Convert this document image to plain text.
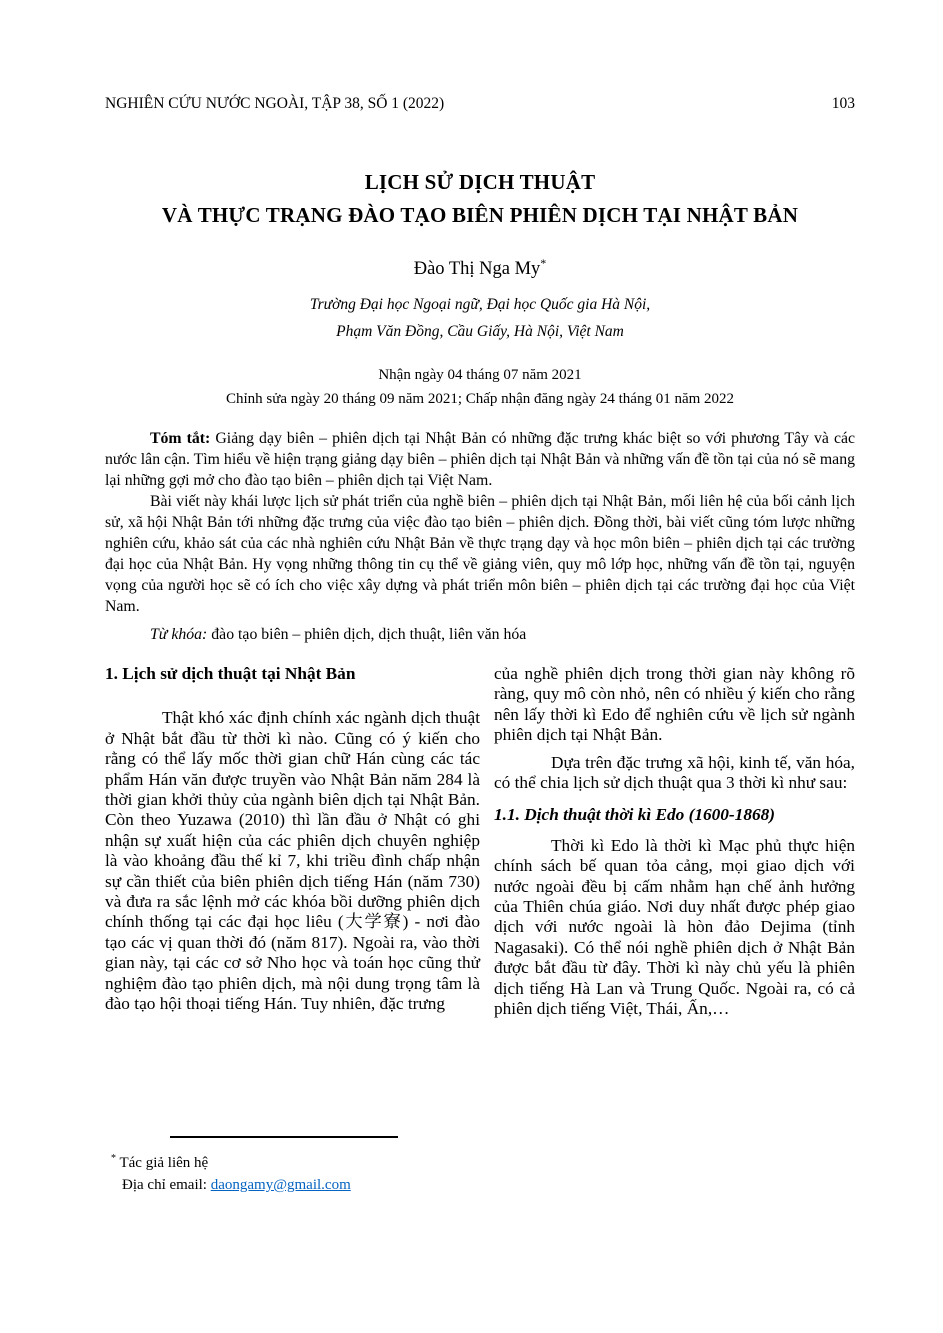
NGHIÊN CỨU NƯỚC NGOÀI, TẬP 38, SỐ 1 (2022)	103
LỊCH SỬ DỊCH THUẬT
VÀ THỰC TRẠNG ĐÀO TẠO BIÊN PHIÊN DỊCH TẠI NHẬT BẢN
Đào Thị Nga My*
Trường Đại học Ngoại ngữ, Đại học Quốc gia Hà Nội,
Phạm Văn Đồng, Cầu Giấy, Hà Nội, Việt Nam
Nhận ngày 04 tháng 07 năm 2021
Chỉnh sửa ngày 20 tháng 09 năm 2021; Chấp nhận đăng ngày 24 tháng 01 năm 2022

Tóm tắt: Giảng dạy biên – phiên dịch tại Nhật Bản có những đặc trưng khác biệt so với phương Tây và các nước lân cận. Tìm hiểu về hiện trạng giảng dạy biên – phiên dịch tại Nhật Bản và những vấn đề tồn tại của nó sẽ mang lại những gợi mở cho đào tạo biên – phiên dịch tại Việt Nam.

Bài viết này khái lược lịch sử phát triển của nghề biên – phiên dịch tại Nhật Bản, mối liên hệ của bối cảnh lịch sử, xã hội Nhật Bản tới những đặc trưng của việc đào tạo biên – phiên dịch. Đồng thời, bài viết cũng tóm lược những nghiên cứu, khảo sát của các nhà nghiên cứu Nhật Bản về thực trạng dạy và học môn biên – phiên dịch tại các trường đại học của Nhật Bản. Hy vọng những thông tin cụ thể về giảng viên, quy mô lớp học, những vấn đề tồn tại, nguyện vọng của người học sẽ có ích cho việc xây dựng và phát triển môn biên – phiên dịch tại các trường đại học của Việt Nam.

Từ khóa: đào tạo biên – phiên dịch, dịch thuật, liên văn hóa

1. Lịch sử dịch thuật tại Nhật Bản

Thật khó xác định chính xác ngành dịch thuật ở Nhật bắt đầu từ thời kì nào. Cũng có ý kiến cho rằng có thể lấy mốc thời gian chữ Hán cùng các tác phẩm Hán văn được truyền vào Nhật Bản năm 284 là thời gian khởi thủy của ngành biên dịch tại Nhật Bản. Còn theo Yuzawa (2010) thì lần đầu ở Nhật có ghi nhận sự xuất hiện của các phiên dịch chuyên nghiệp là vào khoảng đầu thế kỉ 7, khi triều đình chấp nhận sự cần thiết của biên phiên dịch tiếng Hán (năm 730) và đưa ra sắc lệnh mở các khóa bồi dưỡng phiên dịch chính thống tại các đại học liêu (大学寮) - nơi đào tạo các vị quan thời đó (năm 817). Ngoài ra, vào thời gian này, tại các cơ sở Nho học và toán học cũng thử nghiệm đào tạo phiên dịch, mà nội dung trọng tâm là đào tạo hội thoại tiếng Hán. Tuy nhiên, đặc trưng

của nghề phiên dịch trong thời gian này không rõ ràng, quy mô còn nhỏ, nên có nhiều ý kiến cho rằng nên lấy thời kì Edo để nghiên cứu về lịch sử ngành phiên dịch tại Nhật Bản.

Dựa trên đặc trưng xã hội, kinh tế, văn hóa, có thể chia lịch sử dịch thuật qua 3 thời kì như sau:

1.1. Dịch thuật thời kì Edo (1600-1868)

Thời kì Edo là thời kì Mạc phủ thực hiện chính sách bế quan tỏa cảng, mọi giao dịch với nước ngoài đều bị cấm nhằm hạn chế ảnh hưởng của Thiên chúa giáo. Nơi duy nhất được phép giao dịch với nước ngoài là hòn đảo Dejima (tỉnh Nagasaki). Có thể nói nghề phiên dịch ở Nhật Bản được bắt đầu từ đây. Thời kì này chủ yếu là phiên dịch tiếng Hà Lan và Trung Quốc. Ngoài ra, có cả phiên dịch tiếng Việt, Thái, Ấn,…

* Tác giả liên hệ
Địa chỉ email: daongamy@gmail.com
